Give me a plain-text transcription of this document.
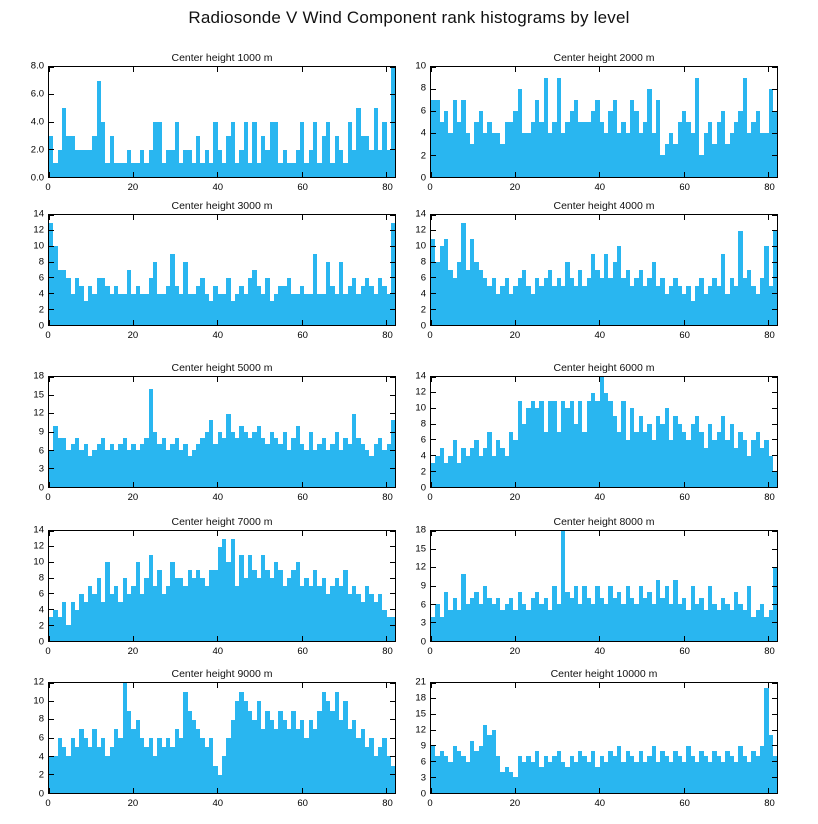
Radiosonde V Wind Component rank histograms by level
Center height 1000 m
0.0
2.0
4.0
6.0
8.0
0	20	40	60	80
Center height 2000 m
0
2
4
6
8
10
0	20	40	60	80
Center height 3000 m
0
2
4
6
8
10
12
14
0	20	40	60	80
Center height 4000 m
0
2
4
6
8
10
12
14
0	20	40	60	80
Center height 5000 m
0
3
6
9
12
15
18
0	20	40	60	80
Center height 6000 m
0
2
4
6
8
10
12
14
0	20	40	60	80
Center height 7000 m
0
2
4
6
8
10
12
14
0	20	40	60	80
Center height 8000 m
0
3
6
9
12
15
18
0	20	40	60	80
Center height 9000 m
0
2
4
6
8
10
12
0	20	40	60	80
Center height 10000 m
0
3
6
9
12
15
18
21
0	20	40	60	80
